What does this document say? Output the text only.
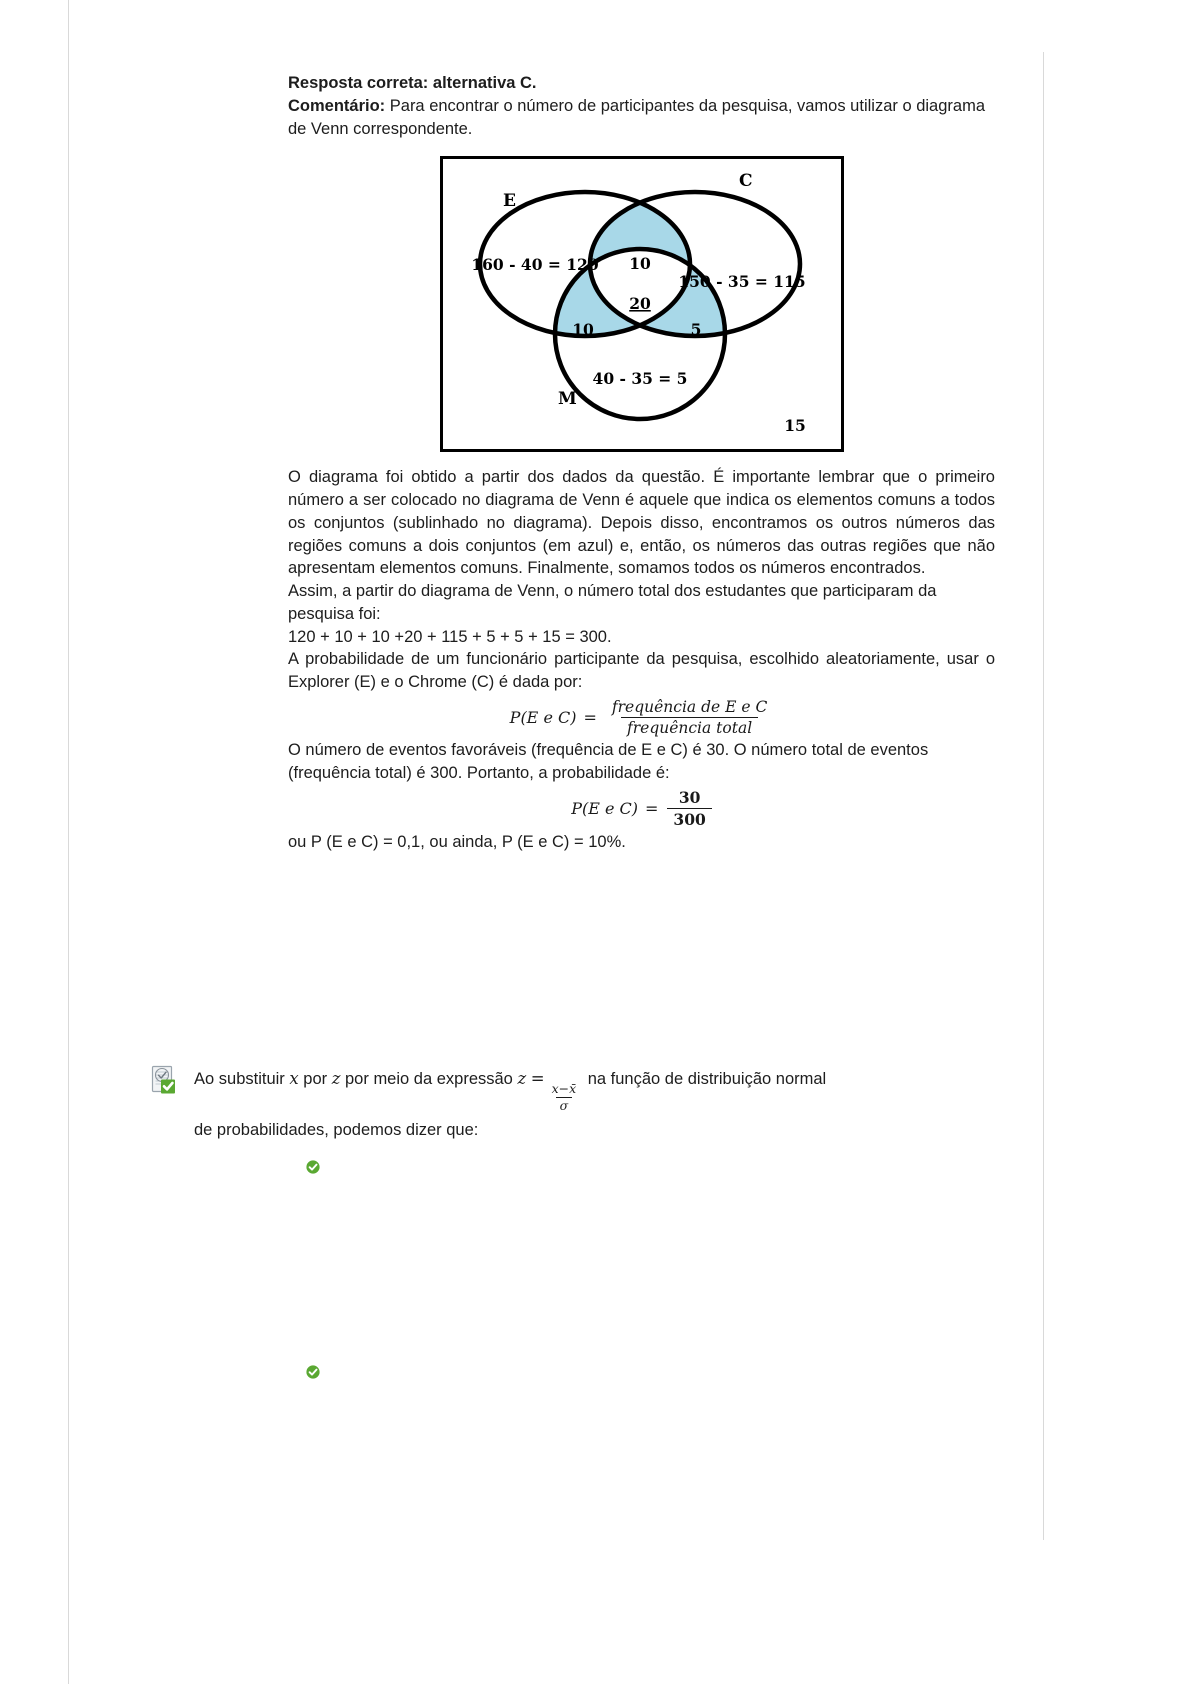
Resposta correta: alternativa C.

Comentário: Para encontrar o número de participantes da pesquisa, vamos utilizar o diagrama de Venn correspondente.

E
C
M
160 - 40 = 120
150 - 35 = 115
10
20
10	5
40 - 35 = 5
15

O diagrama foi obtido a partir dos dados da questão. É importante lembrar que o primeiro número a ser colocado no diagrama de Venn é aquele que indica os elementos comuns a todos os conjuntos (sublinhado no diagrama). Depois disso, encontramos os outros números das regiões comuns a dois conjuntos (em azul) e, então, os números das outras regiões que não apresentam elementos comuns. Finalmente, somamos todos os números encontrados.

Assim, a partir do diagrama de Venn, o número total dos estudantes que participaram da pesquisa foi:

120 + 10 + 10 +20 + 115 + 5 + 5 + 15 = 300.

A probabilidade de um funcionário participante da pesquisa, escolhido aleatoriamente, usar o Explorer (E) e o Chrome (C) é dada por:

P(E e $C) = \frac{\text{frequência de E e C}}{\text{frequência total}}$

O número de eventos favoráveis (frequência de E e C) é 30. O número total de eventos (frequência total) é 300. Portanto, a probabilidade é:

P(E e $C) = \frac{30}{300}$

ou P (E e C) = 0,1, ou ainda, P (E e C) = 10%.

Ao substituir x por z por meio da expressão z =
$\frac{x-x̄}{\sigma}$
na função de distribuição normal
de probabilidades, podemos dizer que:
